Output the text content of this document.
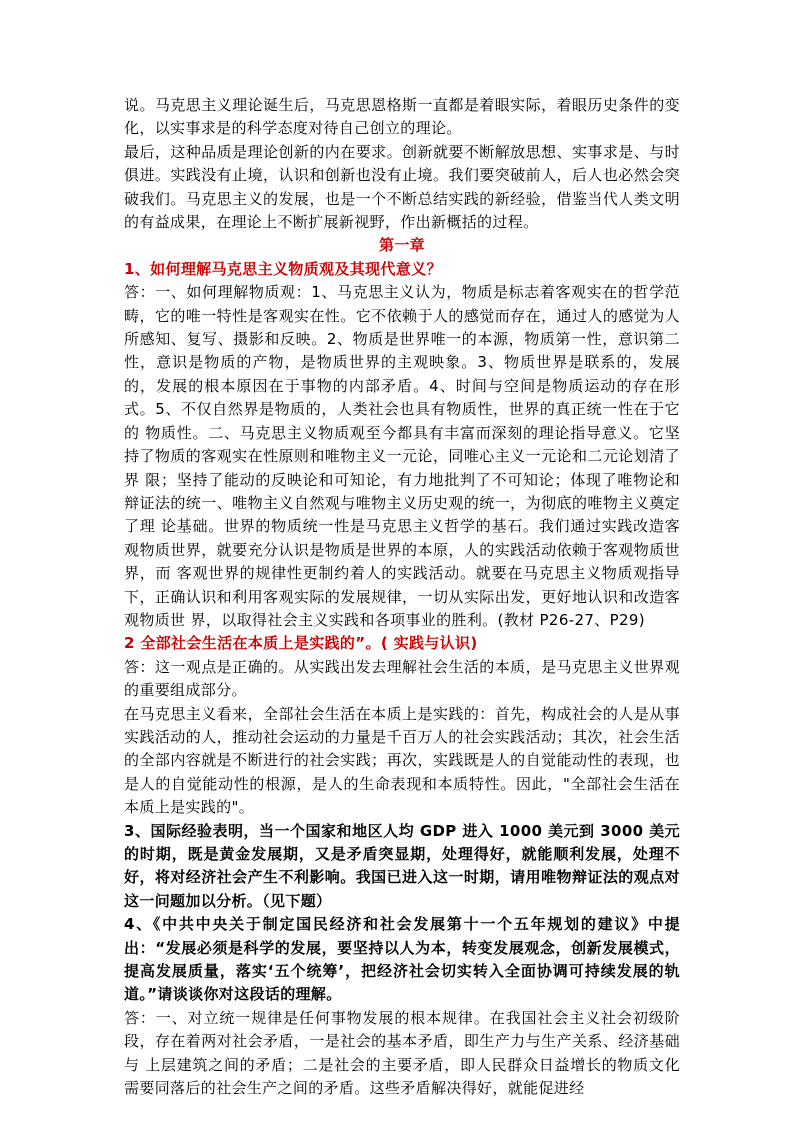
说。马克思主义理论诞生后，马克思恩格斯一直都是着眼实际，着眼历史条件的变化，以实事求是的科学态度对待自己创立的理论。

最后，这种品质是理论创新的内在要求。创新就要不断解放思想、实事求是、与时俱进。实践没有止境，认识和创新也没有止境。我们要突破前人，后人也必然会突破我们。马克思主义的发展，也是一个不断总结实践的新经验，借鉴当代人类文明的有益成果，在理论上不断扩展新视野，作出新概括的过程。

第一章

1、如何理解马克思主义物质观及其现代意义？

答：一、如何理解物质观：1、马克思主义认为，物质是标志着客观实在的哲学范畴，它的唯一特性是客观实在性。它不依赖于人的感觉而存在，通过人的感觉为人 所感知、复写、摄影和反映。2、物质是世界唯一的本源，物质第一性，意识第二性，意识是物质的产物，是物质世界的主观映象。3、物质世界是联系的，发展 的，发展的根本原因在于事物的内部矛盾。4、时间与空间是物质运动的存在形式。5、不仅自然界是物质的，人类社会也具有物质性，世界的真正统一性在于它的 物质性。二、马克思主义物质观至今都具有丰富而深刻的理论指导意义。它坚持了物质的客观实在性原则和唯物主义一元论，同唯心主义一元论和二元论划清了界 限；坚持了能动的反映论和可知论，有力地批判了不可知论；体现了唯物论和辩证法的统一、唯物主义自然观与唯物主义历史观的统一，为彻底的唯物主义奠定了理 论基础。世界的物质统一性是马克思主义哲学的基石。我们通过实践改造客观物质世界，就要充分认识是物质是世界的本原，人的实践活动依赖于客观物质世界，而 客观世界的规律性更制约着人的实践活动。就要在马克思主义物质观指导下，正确认识和利用客观实际的发展规律，一切从实际出发，更好地认识和改造客观物质世 界，以取得社会主义实践和各项事业的胜利。(教材 P26-27、P29)

2 全部社会生活在本质上是实践的”。( 实践与认识)

答：这一观点是正确的。从实践出发去理解社会生活的本质，是马克思主义世界观的重要组成部分。

在马克思主义看来，全部社会生活在本质上是实践的：首先，构成社会的人是从事实践活动的人，推动社会运动的力量是千百万人的社会实践活动；其次，社会生活的全部内容就是不断进行的社会实践；再次，实践既是人的自觉能动性的表现，也是人的自觉能动性的根源，是人的生命表现和本质特性。因此，"全部社会生活在本质上是实践的"。

3、国际经验表明，当一个国家和地区人均 GDP 进入 1000 美元到 3000 美元的时期，既是黄金发展期，又是矛盾突显期，处理得好，就能顺利发展，处理不好，将对经济社会产生不利影响。我国已进入这一时期，请用唯物辩证法的观点对这一问题加以分析。（见下题）

4、《中共中央关于制定国民经济和社会发展第十一个五年规划的建议》中提出：“发展必须是科学的发展，要坚持以人为本，转变发展观念，创新发展模式，提高发展质量，落实‘五个统筹’，把经济社会切实转入全面协调可持续发展的轨道。”请谈谈你对这段话的理解。

答：一、对立统一规律是任何事物发展的根本规律。在我国社会主义社会初级阶段，存在着两对社会矛盾，一是社会的基本矛盾，即生产力与生产关系、经济基础与 上层建筑之间的矛盾；二是社会的主要矛盾，即人民群众日益增长的物质文化需要同落后的社会生产之间的矛盾。这些矛盾解决得好，就能促进经
